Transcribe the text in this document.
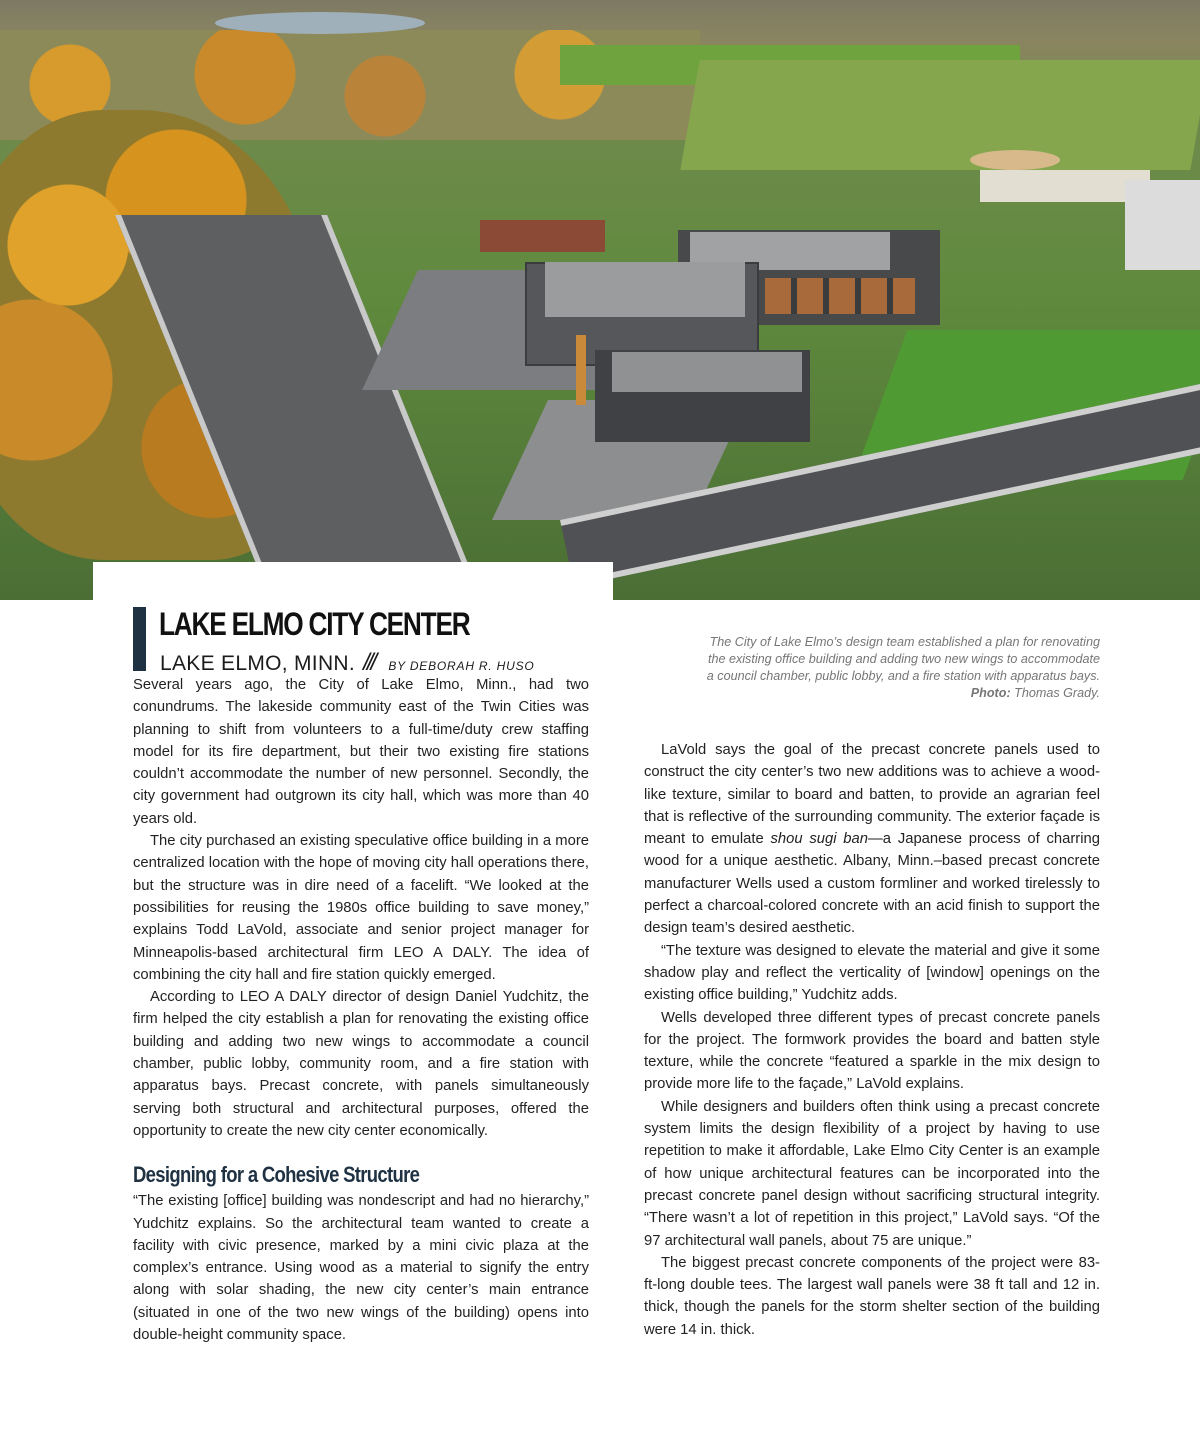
LAKE ELMO CITY CENTER
LAKE ELMO, MINN. /// BY DEBORAH R. HUSO

The City of Lake Elmo’s design team established a plan for renovating the existing office building and adding two new wings to accommodate a council chamber, public lobby, and a fire station with apparatus bays. Photo: Thomas Grady.

Several years ago, the City of Lake Elmo, Minn., had two conundrums. The lakeside community east of the Twin Cities was planning to shift from volunteers to a full-time/duty crew staffing model for its fire department, but their two existing fire stations couldn’t accommodate the number of new personnel. Secondly, the city government had outgrown its city hall, which was more than 40 years old.

The city purchased an existing speculative office building in a more centralized location with the hope of moving city hall operations there, but the structure was in dire need of a facelift. “We looked at the possibilities for reusing the 1980s office building to save money,” explains Todd LaVold, associate and senior project manager for Minneapolis-based architectural firm LEO A DALY. The idea of combining the city hall and fire station quickly emerged.

According to LEO A DALY director of design Daniel Yudchitz, the firm helped the city establish a plan for renovating the existing office building and adding two new wings to accommodate a council chamber, public lobby, community room, and a fire station with apparatus bays. Precast concrete, with panels simultaneously serving both structural and architectural purposes, offered the opportunity to create the new city center economically.

Designing for a Cohesive Structure

“The existing [office] building was nondescript and had no hierarchy,” Yudchitz explains. So the architectural team wanted to create a facility with civic presence, marked by a mini civic plaza at the complex’s entrance. Using wood as a material to signify the entry along with solar shading, the new city center’s main entrance (situated in one of the two new wings of the building) opens into double-height community space.

LaVold says the goal of the precast concrete panels used to construct the city center’s two new additions was to achieve a wood-like texture, similar to board and batten, to provide an agrarian feel that is reflective of the surrounding community. The exterior façade is meant to emulate shou sugi ban—a Japanese process of charring wood for a unique aesthetic. Albany, Minn.–based precast concrete manufacturer Wells used a custom formliner and worked tirelessly to perfect a charcoal-colored concrete with an acid finish to support the design team’s desired aesthetic.

“The texture was designed to elevate the material and give it some shadow play and reflect the verticality of [window] openings on the existing office building,” Yudchitz adds.

Wells developed three different types of precast concrete panels for the project. The formwork provides the board and batten style texture, while the concrete “featured a sparkle in the mix design to provide more life to the façade,” LaVold explains.

While designers and builders often think using a precast concrete system limits the design flexibility of a project by having to use repetition to make it affordable, Lake Elmo City Center is an example of how unique architectural features can be incorporated into the precast concrete panel design without sacrificing structural integrity. “There wasn’t a lot of repetition in this project,” LaVold says. “Of the 97 architectural wall panels, about 75 are unique.”

The biggest precast concrete components of the project were 83-ft-long double tees. The largest wall panels were 38 ft tall and 12 in. thick, though the panels for the storm shelter section of the building were 14 in. thick.
